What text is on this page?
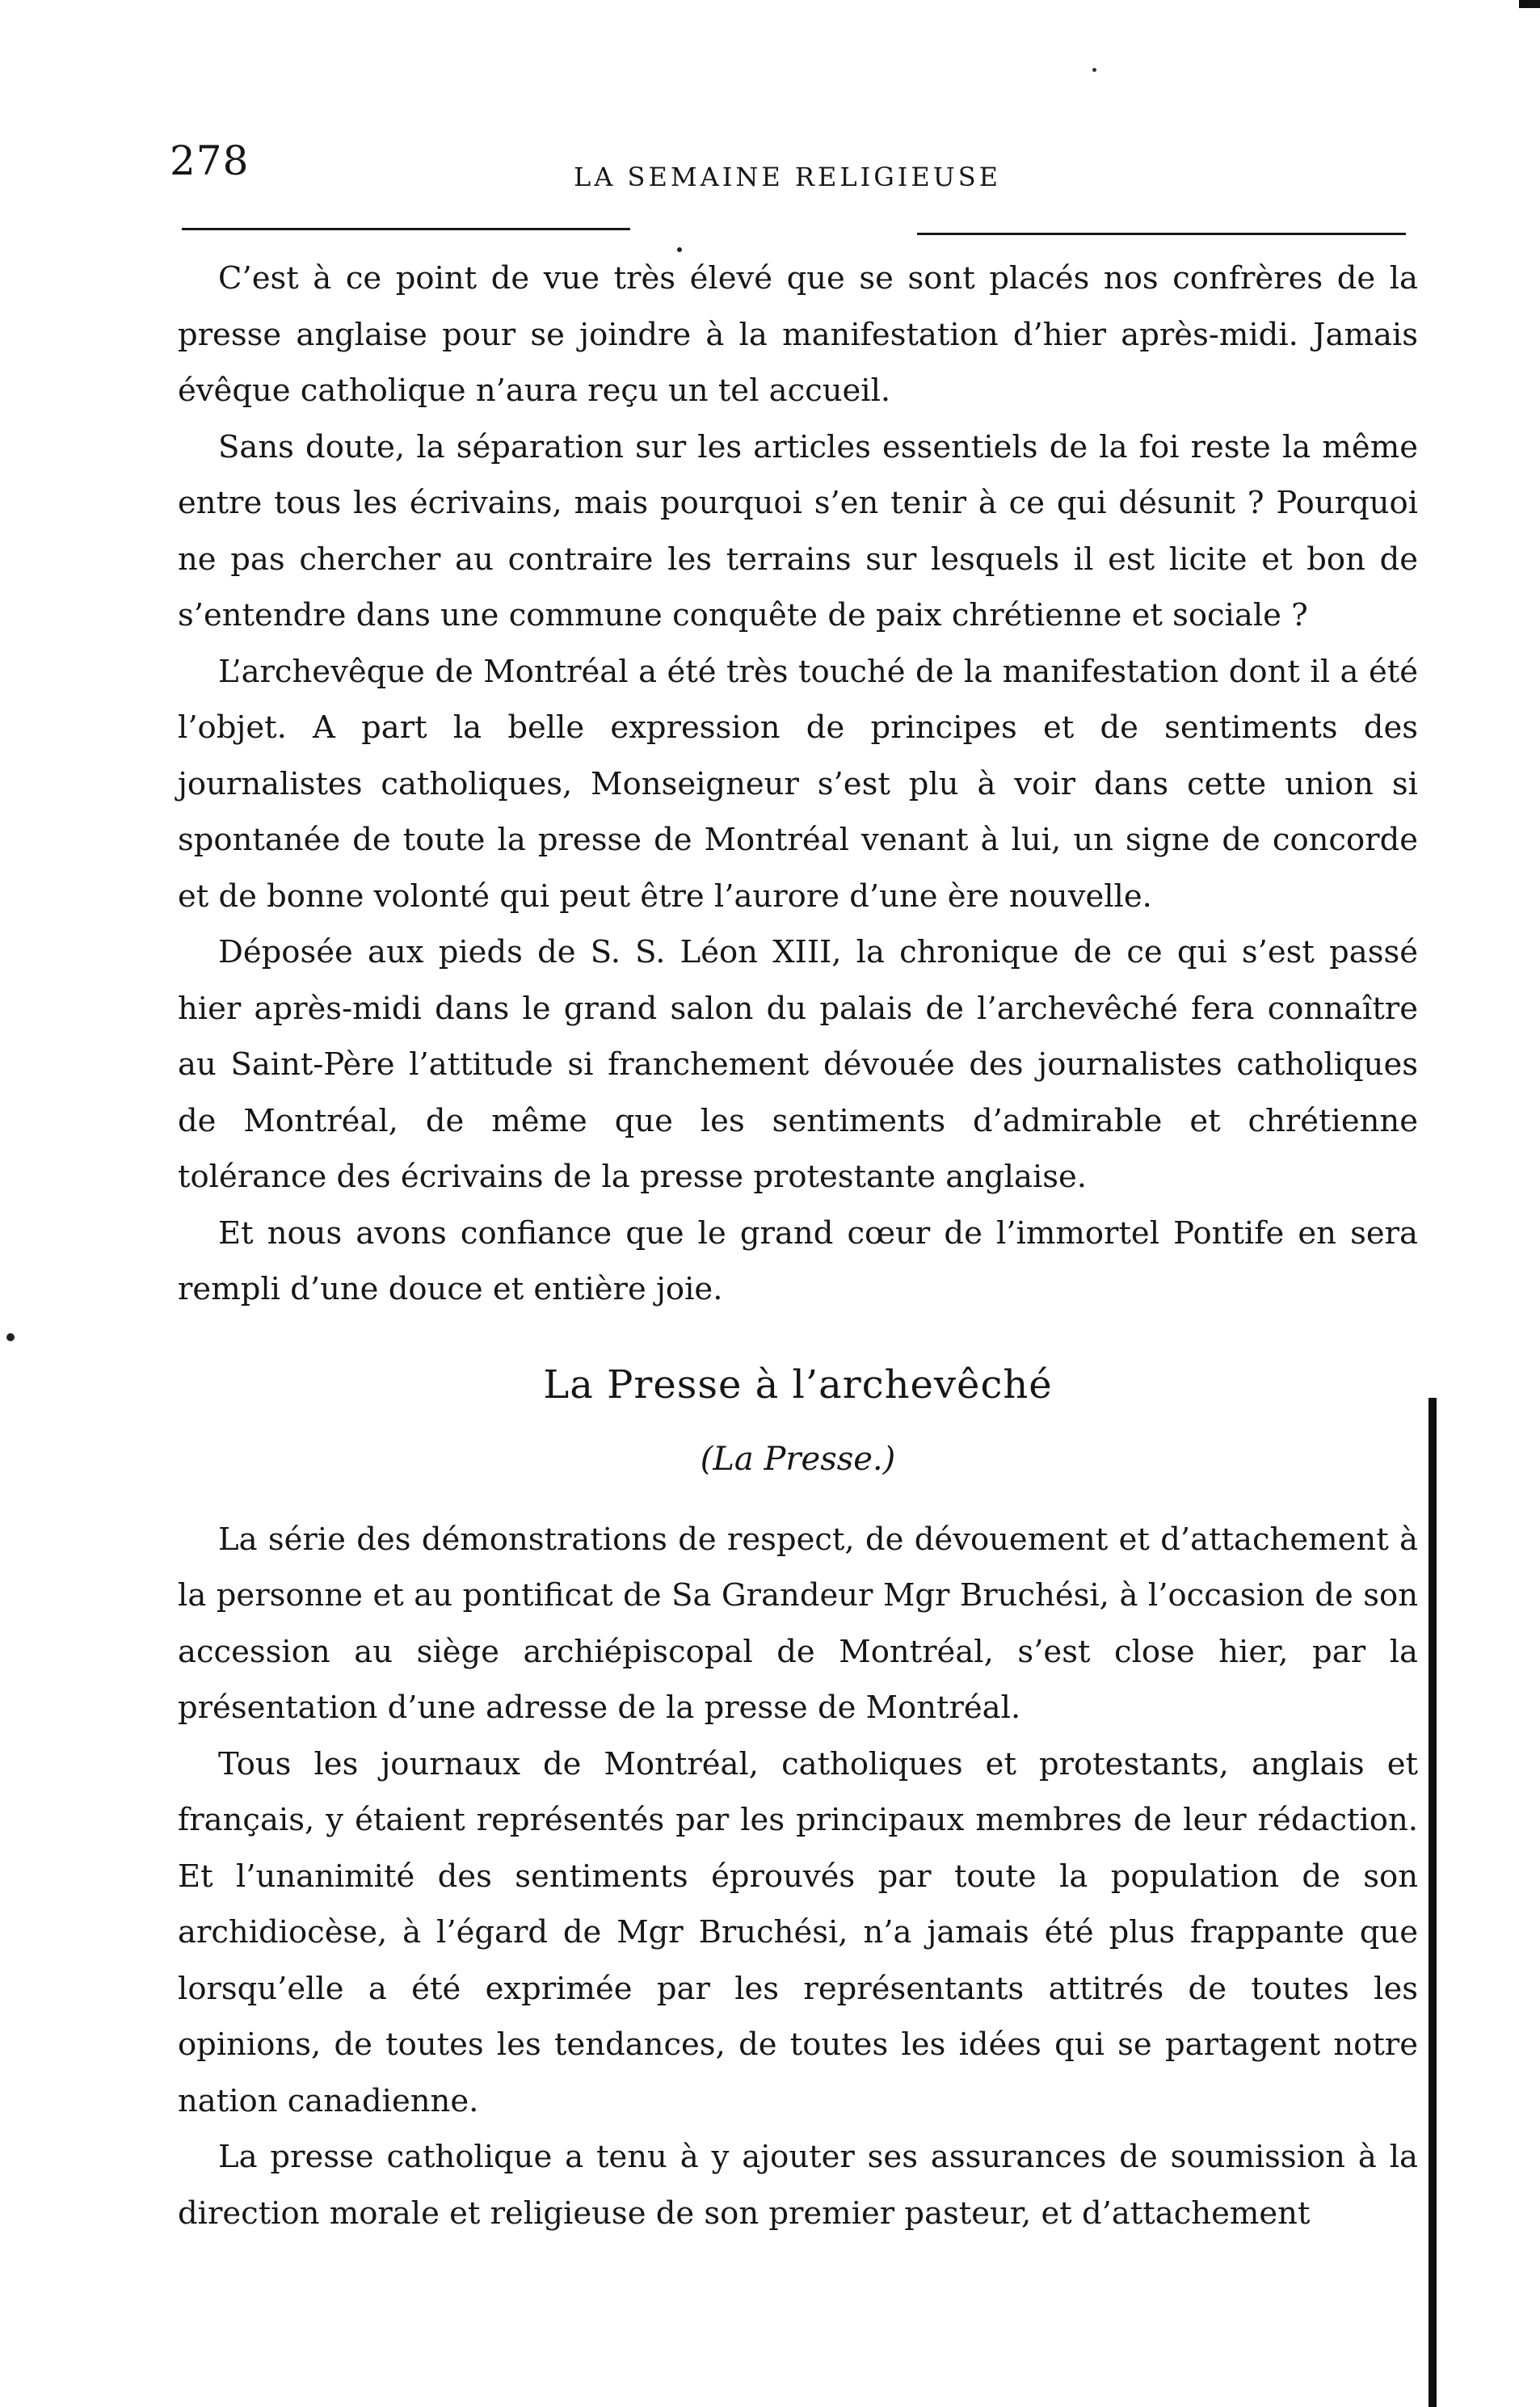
278	LA SEMAINE RELIGIEUSE

C’est à ce point de vue très élevé que se sont placés nos confrères de la presse anglaise pour se joindre à la manifestation d’hier après-midi. Jamais évêque catholique n’aura reçu un tel accueil.

Sans doute, la séparation sur les articles essentiels de la foi reste la même entre tous les écrivains, mais pourquoi s’en tenir à ce qui désunit ? Pourquoi ne pas chercher au contraire les terrains sur lesquels il est licite et bon de s’entendre dans une commune conquête de paix chrétienne et sociale ?

L’archevêque de Montréal a été très touché de la manifestation dont il a été l’objet. A part la belle expression de principes et de sentiments des journalistes catholiques, Monseigneur s’est plu à voir dans cette union si spontanée de toute la presse de Montréal venant à lui, un signe de concorde et de bonne volonté qui peut être l’aurore d’une ère nouvelle.

Déposée aux pieds de S. S. Léon XIII, la chronique de ce qui s’est passé hier après-midi dans le grand salon du palais de l’archevêché fera connaître au Saint-Père l’attitude si franchement dévouée des journalistes catholiques de Montréal, de même que les sentiments d’admirable et chrétienne tolérance des écrivains de la presse protestante anglaise.

Et nous avons confiance que le grand cœur de l’immortel Pontife en sera rempli d’une douce et entière joie.

La Presse à l’archevêché
(La Presse.)

La série des démonstrations de respect, de dévouement et d’attachement à la personne et au pontificat de Sa Grandeur Mgr Bruchési, à l’occasion de son accession au siège archiépiscopal de Montréal, s’est close hier, par la présentation d’une adresse de la presse de Montréal.

Tous les journaux de Montréal, catholiques et protestants, anglais et français, y étaient représentés par les principaux membres de leur rédaction. Et l’unanimité des sentiments éprouvés par toute la population de son archidiocèse, à l’égard de Mgr Bruchési, n’a jamais été plus frappante que lorsqu’elle a été exprimée par les représentants attitrés de toutes les opinions, de toutes les tendances, de toutes les idées qui se partagent notre nation canadienne.

La presse catholique a tenu à y ajouter ses assurances de soumission à la direction morale et religieuse de son premier pasteur, et d’attachement
